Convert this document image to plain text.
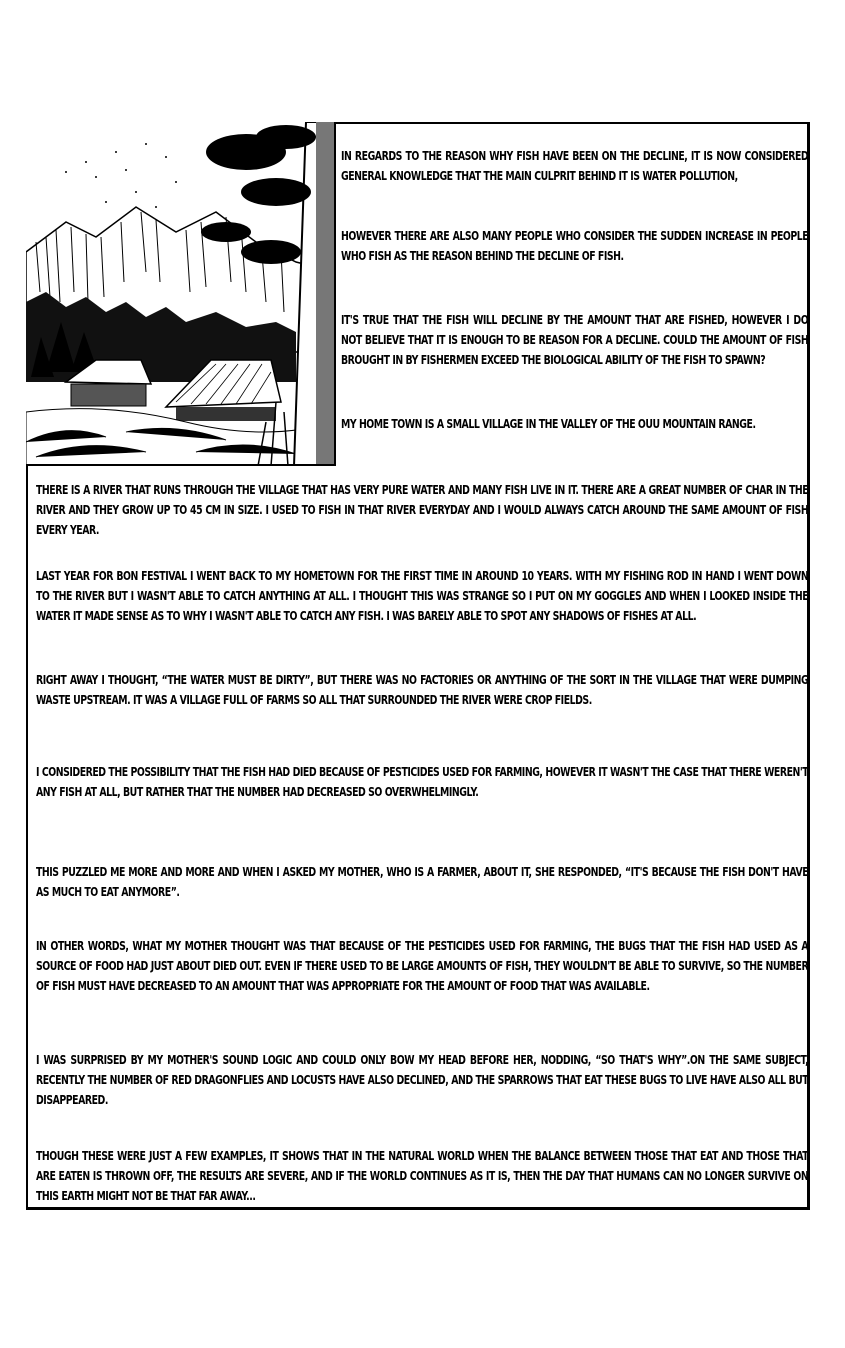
IN REGARDS TO THE REASON WHY FISH HAVE BEEN ON THE DECLINE, IT IS NOW CONSIDERED GENERAL KNOWLEDGE THAT THE MAIN CULPRIT BEHIND IT IS WATER POLLUTION,

HOWEVER THERE ARE ALSO MANY PEOPLE WHO CONSIDER THE SUDDEN INCREASE IN PEOPLE WHO FISH AS THE REASON BEHIND THE DECLINE OF FISH.

IT'S TRUE THAT THE FISH WILL DECLINE BY THE AMOUNT THAT ARE FISHED, HOWEVER I DO NOT BELIEVE THAT IT IS ENOUGH TO BE REASON FOR A DECLINE. COULD THE AMOUNT OF FISH BROUGHT IN BY FISHERMEN EXCEED THE BIOLOGICAL ABILITY OF THE FISH TO SPAWN?

MY HOME TOWN IS A SMALL VILLAGE IN THE VALLEY OF THE OUU MOUNTAIN RANGE.

THERE IS A RIVER THAT RUNS THROUGH THE VILLAGE THAT HAS VERY PURE WATER AND MANY FISH LIVE IN IT. THERE ARE A GREAT NUMBER OF CHAR IN THE RIVER AND THEY GROW UP TO 45 CM IN SIZE. I USED TO FISH IN THAT RIVER EVERYDAY AND I WOULD ALWAYS CATCH AROUND THE SAME AMOUNT OF FISH EVERY YEAR.

LAST YEAR FOR BON FESTIVAL I WENT BACK TO MY HOMETOWN FOR THE FIRST TIME IN AROUND 10 YEARS. WITH MY FISHING ROD IN HAND I WENT DOWN TO THE RIVER BUT I WASN'T ABLE TO CATCH ANYTHING AT ALL. I THOUGHT THIS WAS STRANGE SO I PUT ON MY GOGGLES AND WHEN I LOOKED INSIDE THE WATER IT MADE SENSE AS TO WHY I WASN'T ABLE TO CATCH ANY FISH. I WAS BARELY ABLE TO SPOT ANY SHADOWS OF FISHES AT ALL.

RIGHT AWAY I THOUGHT, “THE WATER MUST BE DIRTY”, BUT THERE WAS NO FACTORIES OR ANYTHING OF THE SORT IN THE VILLAGE THAT WERE DUMPING WASTE UPSTREAM. IT WAS A VILLAGE FULL OF FARMS SO ALL THAT SURROUNDED THE RIVER WERE CROP FIELDS.

I CONSIDERED THE POSSIBILITY THAT THE FISH HAD DIED BECAUSE OF PESTICIDES USED FOR FARMING, HOWEVER IT WASN'T THE CASE THAT THERE WEREN'T ANY FISH AT ALL, BUT RATHER THAT THE NUMBER HAD DECREASED SO OVERWHELMINGLY.

THIS PUZZLED ME MORE AND MORE AND WHEN I ASKED MY MOTHER, WHO IS A FARMER, ABOUT IT, SHE RESPONDED, “IT'S BECAUSE THE FISH DON'T HAVE AS MUCH TO EAT ANYMORE”.

IN OTHER WORDS, WHAT MY MOTHER THOUGHT WAS THAT BECAUSE OF THE PESTICIDES USED FOR FARMING, THE BUGS THAT THE FISH HAD USED AS A SOURCE OF FOOD HAD JUST ABOUT DIED OUT. EVEN IF THERE USED TO BE LARGE AMOUNTS OF FISH, THEY WOULDN'T BE ABLE TO SURVIVE, SO THE NUMBER OF FISH MUST HAVE DECREASED TO AN AMOUNT THAT WAS APPROPRIATE FOR THE AMOUNT OF FOOD THAT WAS AVAILABLE.

I WAS SURPRISED BY MY MOTHER'S SOUND LOGIC AND COULD ONLY BOW MY HEAD BEFORE HER, NODDING, “SO THAT'S WHY”.ON THE SAME SUBJECT, RECENTLY THE NUMBER OF RED DRAGONFLIES AND LOCUSTS HAVE ALSO DECLINED, AND THE SPARROWS THAT EAT THESE BUGS TO LIVE HAVE ALSO ALL BUT DISAPPEARED.

THOUGH THESE WERE JUST A FEW EXAMPLES, IT SHOWS THAT IN THE NATURAL WORLD WHEN THE BALANCE BETWEEN THOSE THAT EAT AND THOSE THAT ARE EATEN IS THROWN OFF, THE RESULTS ARE SEVERE, AND IF THE WORLD CONTINUES AS IT IS, THEN THE DAY THAT HUMANS CAN NO LONGER SURVIVE ON THIS EARTH MIGHT NOT BE THAT FAR AWAY...
